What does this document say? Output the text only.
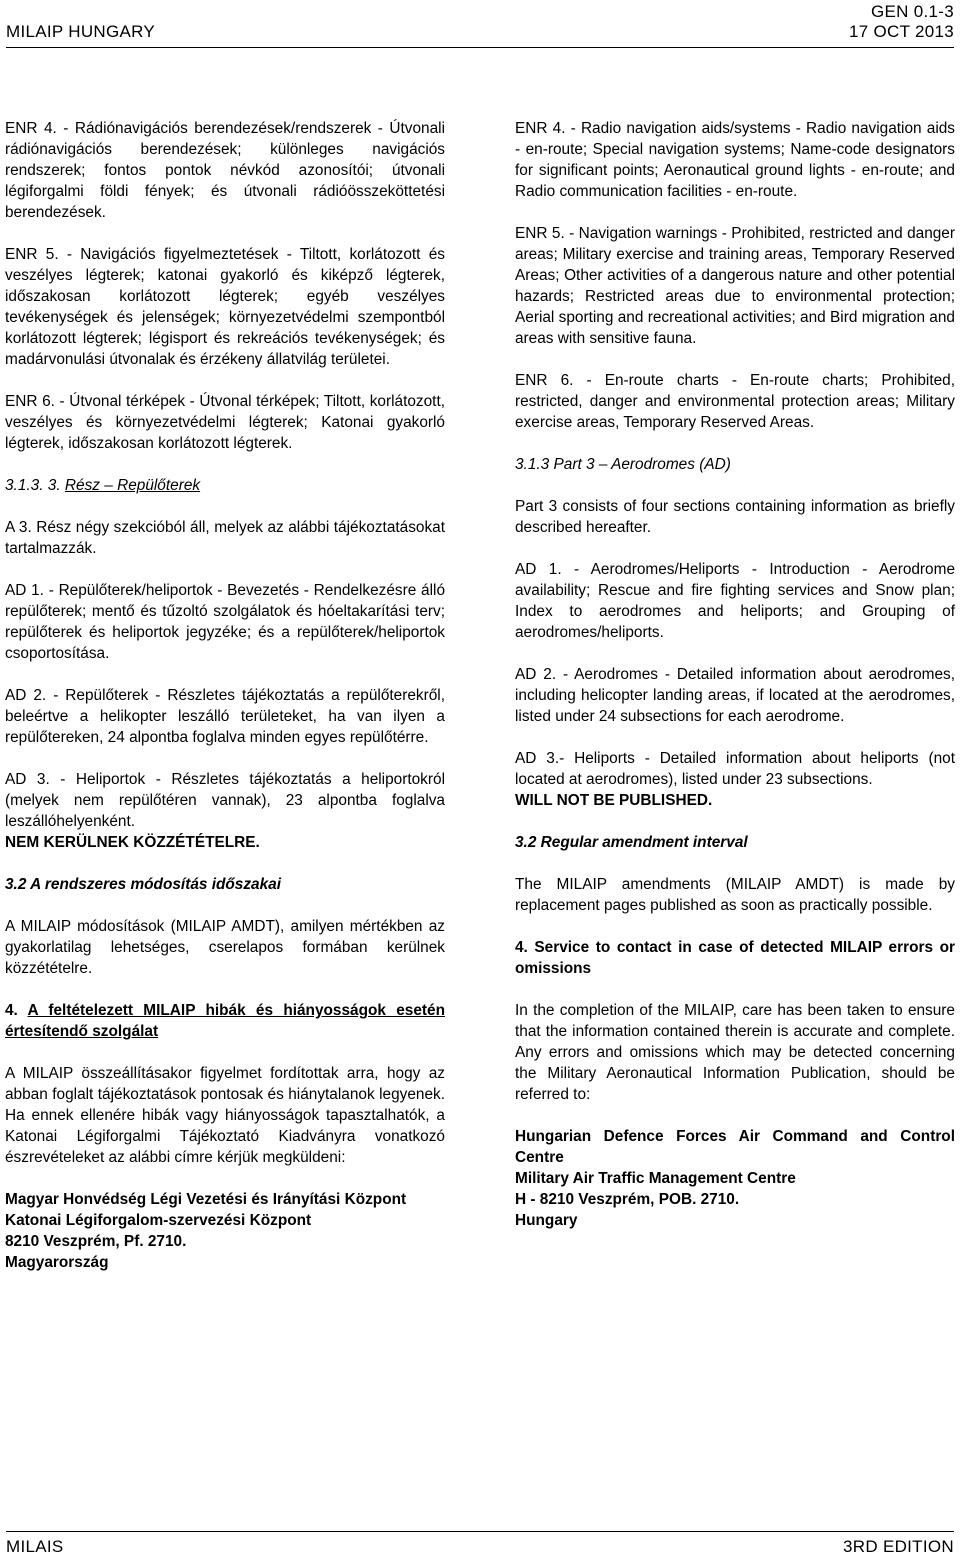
MILAIP HUNGARY
GEN 0.1-3
17 OCT 2013

ENR 4. - Rádiónavigációs berendezések/rendszerek - Útvonali rádiónavigációs berendezések; különleges navigációs rendszerek; fontos pontok névkód azonosítói; útvonali légiforgalmi földi fények; és útvonali rádióösszeköttetési berendezések.

ENR 5. - Navigációs figyelmeztetések - Tiltott, korlátozott és veszélyes légterek; katonai gyakorló és kiképző légterek, időszakosan korlátozott légterek; egyéb veszélyes tevékenységek és jelenségek; környezetvédelmi szempontból korlátozott légterek; légisport és rekreációs tevékenységek; és madárvonulási útvonalak és érzékeny állatvilág területei.

ENR 6. - Útvonal térképek - Útvonal térképek; Tiltott, korlátozott, veszélyes és környezetvédelmi légterek; Katonai gyakorló légterek, időszakosan korlátozott légterek.

3.1.3. 3. Rész – Repülőterek

A 3. Rész négy szekcióból áll, melyek az alábbi tájékoztatásokat tartalmazzák.

AD 1. - Repülőterek/heliportok - Bevezetés - Rendelkezésre álló repülőterek; mentő és tűzoltó szolgálatok és hóeltakarítási terv; repülőterek és heliportok jegyzéke; és a repülőterek/heliportok csoportosítása.

AD 2. - Repülőterek - Részletes tájékoztatás a repülőterekről, beleértve a helikopter leszálló területeket, ha van ilyen a repülőtereken, 24 alpontba foglalva minden egyes repülőtérre.

AD 3. - Heliportok - Részletes tájékoztatás a heliportokról (melyek nem repülőtéren vannak), 23 alpontba foglalva leszállóhelyenként.
NEM KERÜLNEK KÖZZÉTÉTELRE.

3.2 A rendszeres módosítás időszakai

A MILAIP módosítások (MILAIP AMDT), amilyen mértékben az gyakorlatilag lehetséges, cserelapos formában kerülnek közzétételre.

4. A feltételezett MILAIP hibák és hiányosságok esetén értesítendő szolgálat

A MILAIP összeállításakor figyelmet fordítottak arra, hogy az abban foglalt tájékoztatások pontosak és hiánytalanok legyenek. Ha ennek ellenére hibák vagy hiányosságok tapasztalhatók, a Katonai Légiforgalmi Tájékoztató Kiadványra vonatkozó észrevételeket az alábbi címre kérjük megküldeni:

Magyar Honvédség Légi Vezetési és Irányítási Központ
Katonai Légiforgalom-szervezési Központ
8210 Veszprém, Pf. 2710.
Magyarország

ENR 4. - Radio navigation aids/systems - Radio navigation aids - en-route; Special navigation systems; Name-code designators for significant points; Aeronautical ground lights - en-route; and Radio communication facilities - en-route.

ENR 5. - Navigation warnings - Prohibited, restricted and danger areas; Military exercise and training areas, Temporary Reserved Areas; Other activities of a dangerous nature and other potential hazards; Restricted areas due to environmental protection; Aerial sporting and recreational activities; and Bird migration and areas with sensitive fauna.

ENR 6. - En-route charts - En-route charts; Prohibited, restricted, danger and environmental protection areas; Military exercise areas, Temporary Reserved Areas.

3.1.3 Part 3 – Aerodromes (AD)

Part 3 consists of four sections containing information as briefly described hereafter.

AD 1. - Aerodromes/Heliports - Introduction - Aerodrome availability; Rescue and fire fighting services and Snow plan; Index to aerodromes and heliports; and Grouping of aerodromes/heliports.

AD 2. - Aerodromes - Detailed information about aerodromes, including helicopter landing areas, if located at the aerodromes, listed under 24 subsections for each aerodrome.

AD 3.- Heliports - Detailed information about heliports (not located at aerodromes), listed under 23 subsections.
WILL NOT BE PUBLISHED.

3.2 Regular amendment interval

The MILAIP amendments (MILAIP AMDT) is made by replacement pages published as soon as practically possible.

4. Service to contact in case of detected MILAIP errors or omissions

In the completion of the MILAIP, care has been taken to ensure that the information contained therein is accurate and complete. Any errors and omissions which may be detected concerning the Military Aeronautical Information Publication, should be referred to:

Hungarian Defence Forces Air Command and Control Centre
Military Air Traffic Management Centre
H - 8210 Veszprém, POB. 2710.
Hungary

MILAIS	3RD EDITION
